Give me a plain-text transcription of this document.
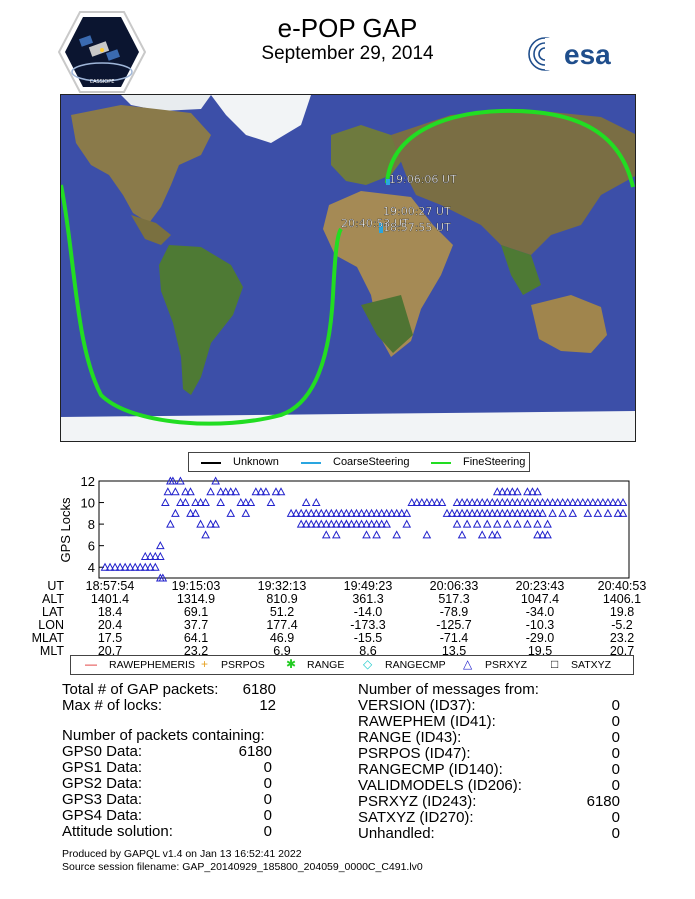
e-POP GAP
September 29, 2014
CASSIOPE
esa
19:06:06 UT
19:00:27 UT
20:40:53 UT
18:57:55 UT
Unknown	CoarseSteering	FineSteering
GPS Locks
4
6
8
10
12
UT	18:57:54	19:15:03	19:32:13	19:49:23	20:06:33	20:23:43	20:40:53
ALT	1401.4	1314.9	810.9	361.3	517.3	1047.4	1406.1
LAT	18.4	69.1	51.2	-14.0	-78.9	-34.0	19.8
LON	20.4	37.7	177.4	-173.3	-125.7	-10.3	-5.2
MLAT	17.5	64.1	46.9	-15.5	-71.4	-29.0	23.2
MLT	20.7	23.2	6.9	8.6	13.5	19.5	20.7
— RAWEPHEMERIS + PSRPOS ✱ RANGE ◇ RANGECMP △ PSRXYZ □ SATXYZ
Total # of GAP packets:	6180
Max # of locks:	12
Number of packets containing:
GPS0 Data:	6180
GPS1 Data:	0
GPS2 Data:	0
GPS3 Data:	0
GPS4 Data:	0
Attitude solution:	0
Number of messages from:
VERSION (ID37):	0
RAWEPHEM (ID41):	0
RANGE (ID43):	0
PSRPOS (ID47):	0
RANGECMP (ID140):	0
VALIDMODELS (ID206):	0
PSRXYZ (ID243):	6180
SATXYZ (ID270):	0
Unhandled:	0
Produced by GAPQL v1.4 on Jan 13 16:52:41 2022
Source session filename: GAP_20140929_185800_204059_0000C_C491.lv0
